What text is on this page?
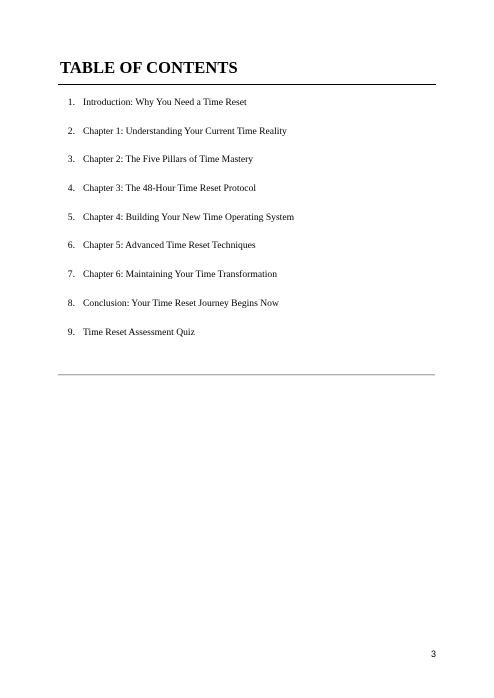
TABLE OF CONTENTS
1. Introduction: Why You Need a Time Reset
2. Chapter 1: Understanding Your Current Time Reality
3. Chapter 2: The Five Pillars of Time Mastery
4. Chapter 3: The 48-Hour Time Reset Protocol
5. Chapter 4: Building Your New Time Operating System
6. Chapter 5: Advanced Time Reset Techniques
7. Chapter 6: Maintaining Your Time Transformation
8. Conclusion: Your Time Reset Journey Begins Now
9. Time Reset Assessment Quiz
3
